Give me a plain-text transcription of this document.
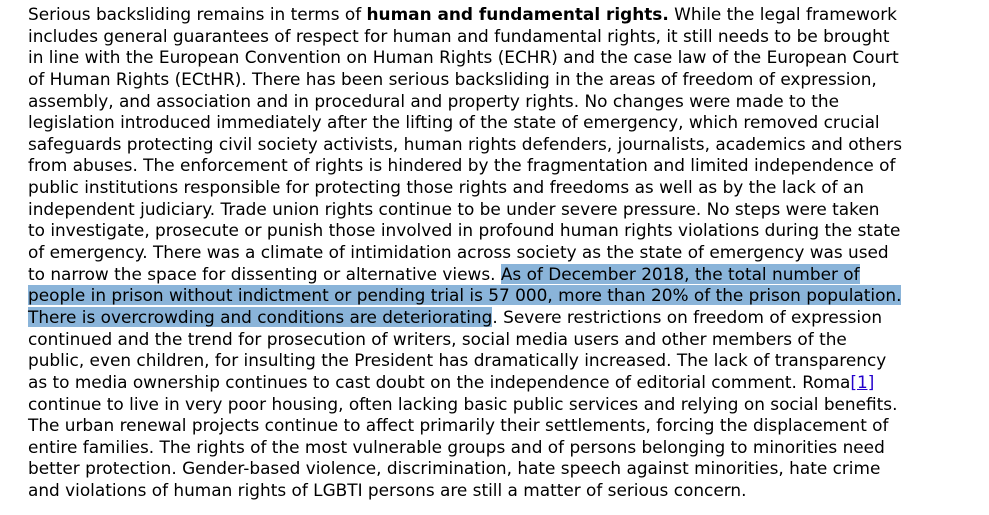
Serious backsliding remains in terms of human and fundamental rights. While the legal framework
includes general guarantees of respect for human and fundamental rights, it still needs to be brought
in line with the European Convention on Human Rights (ECHR) and the case law of the European Court
of Human Rights (ECtHR). There has been serious backsliding in the areas of freedom of expression,
assembly, and association and in procedural and property rights. No changes were made to the
legislation introduced immediately after the lifting of the state of emergency, which removed crucial
safeguards protecting civil society activists, human rights defenders, journalists, academics and others
from abuses. The enforcement of rights is hindered by the fragmentation and limited independence of
public institutions responsible for protecting those rights and freedoms as well as by the lack of an
independent judiciary. Trade union rights continue to be under severe pressure. No steps were taken
to investigate, prosecute or punish those involved in profound human rights violations during the state
of emergency. There was a climate of intimidation across society as the state of emergency was used
to narrow the space for dissenting or alternative views. As of December 2018, the total number of
people in prison without indictment or pending trial is 57 000, more than 20% of the prison population.
There is overcrowding and conditions are deteriorating. Severe restrictions on freedom of expression
continued and the trend for prosecution of writers, social media users and other members of the
public, even children, for insulting the President has dramatically increased. The lack of transparency
as to media ownership continues to cast doubt on the independence of editorial comment. Roma[1]
continue to live in very poor housing, often lacking basic public services and relying on social benefits.
The urban renewal projects continue to affect primarily their settlements, forcing the displacement of
entire families. The rights of the most vulnerable groups and of persons belonging to minorities need
better protection. Gender-based violence, discrimination, hate speech against minorities, hate crime
and violations of human rights of LGBTI persons are still a matter of serious concern.
